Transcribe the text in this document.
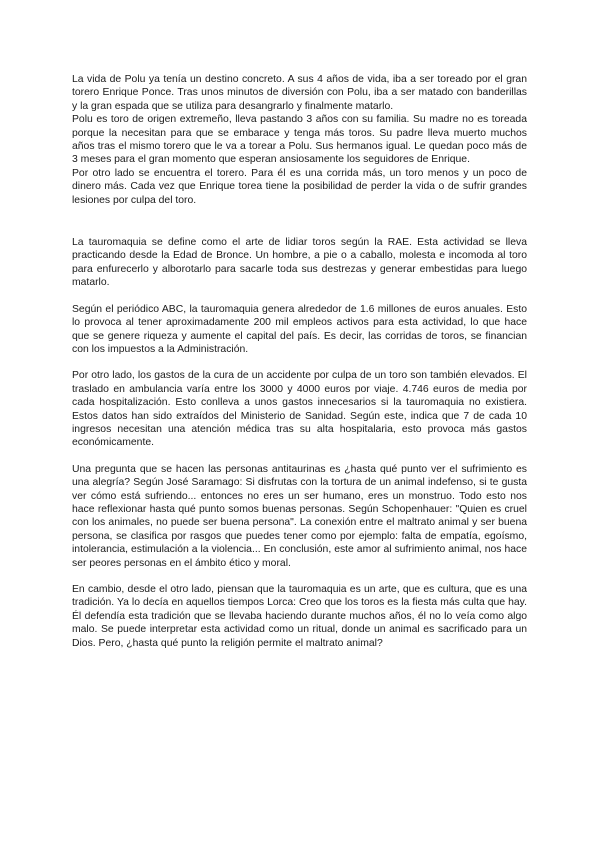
La vida de Polu ya tenía un destino concreto. A sus 4 años de vida, iba a ser toreado por el gran torero Enrique Ponce. Tras unos minutos de diversión con Polu, iba a ser matado con banderillas y la gran espada que se utiliza para desangrarlo y finalmente matarlo.

Polu es toro de origen extremeño, lleva pastando 3 años con su familia. Su madre no es toreada porque la necesitan para que se embarace y tenga más toros. Su padre lleva muerto muchos años tras el mismo torero que le va a torear a Polu. Sus hermanos igual. Le quedan poco más de 3 meses para el gran momento que esperan ansiosamente los seguidores de Enrique.

Por otro lado se encuentra el torero. Para él es una corrida más, un toro menos y un poco de dinero más. Cada vez que Enrique torea tiene la posibilidad de perder la vida o de sufrir grandes lesiones por culpa del toro.

La tauromaquia se define como el arte de lidiar toros según la RAE. Esta actividad se lleva practicando desde la Edad de Bronce. Un hombre, a pie o a caballo, molesta e incomoda al toro para enfurecerlo y alborotarlo para sacarle toda sus destrezas y generar embestidas para luego matarlo.

Según el periódico ABC, la tauromaquia genera alrededor de 1.6 millones de euros anuales. Esto lo provoca al tener aproximadamente 200 mil empleos activos para esta actividad, lo que hace que se genere riqueza y aumente el capital del país. Es decir, las corridas de toros, se financian con los impuestos a la Administración.

Por otro lado, los gastos de la cura de un accidente por culpa de un toro son también elevados. El traslado en ambulancia varía entre los 3000 y 4000 euros por viaje. 4.746 euros de media por cada hospitalización. Esto conlleva a unos gastos innecesarios si la tauromaquia no existiera. Estos datos han sido extraídos del Ministerio de Sanidad. Según este, indica que 7 de cada 10 ingresos necesitan una atención médica tras su alta hospitalaria, esto provoca más gastos económicamente.

Una pregunta que se hacen las personas antitaurinas es ¿hasta qué punto ver el sufrimiento es una alegría? Según José Saramago: Si disfrutas con la tortura de un animal indefenso, si te gusta ver cómo está sufriendo... entonces no eres un ser humano, eres un monstruo. Todo esto nos hace reflexionar hasta qué punto somos buenas personas. Según Schopenhauer: "Quien es cruel con los animales, no puede ser buena persona". La conexión entre el maltrato animal y ser buena persona, se clasifica por rasgos que puedes tener como por ejemplo: falta de empatía, egoísmo, intolerancia, estimulación a la violencia... En conclusión, este amor al sufrimiento animal, nos hace ser peores personas en el ámbito ético y moral.

En cambio, desde el otro lado, piensan que la tauromaquia es un arte, que es cultura, que es una tradición. Ya lo decía en aquellos tiempos Lorca: Creo que los toros es la fiesta más culta que hay. Él defendía esta tradición que se llevaba haciendo durante muchos años, él no lo veía como algo malo. Se puede interpretar esta actividad como un ritual, donde un animal es sacrificado para un Dios. Pero, ¿hasta qué punto la religión permite el maltrato animal?
